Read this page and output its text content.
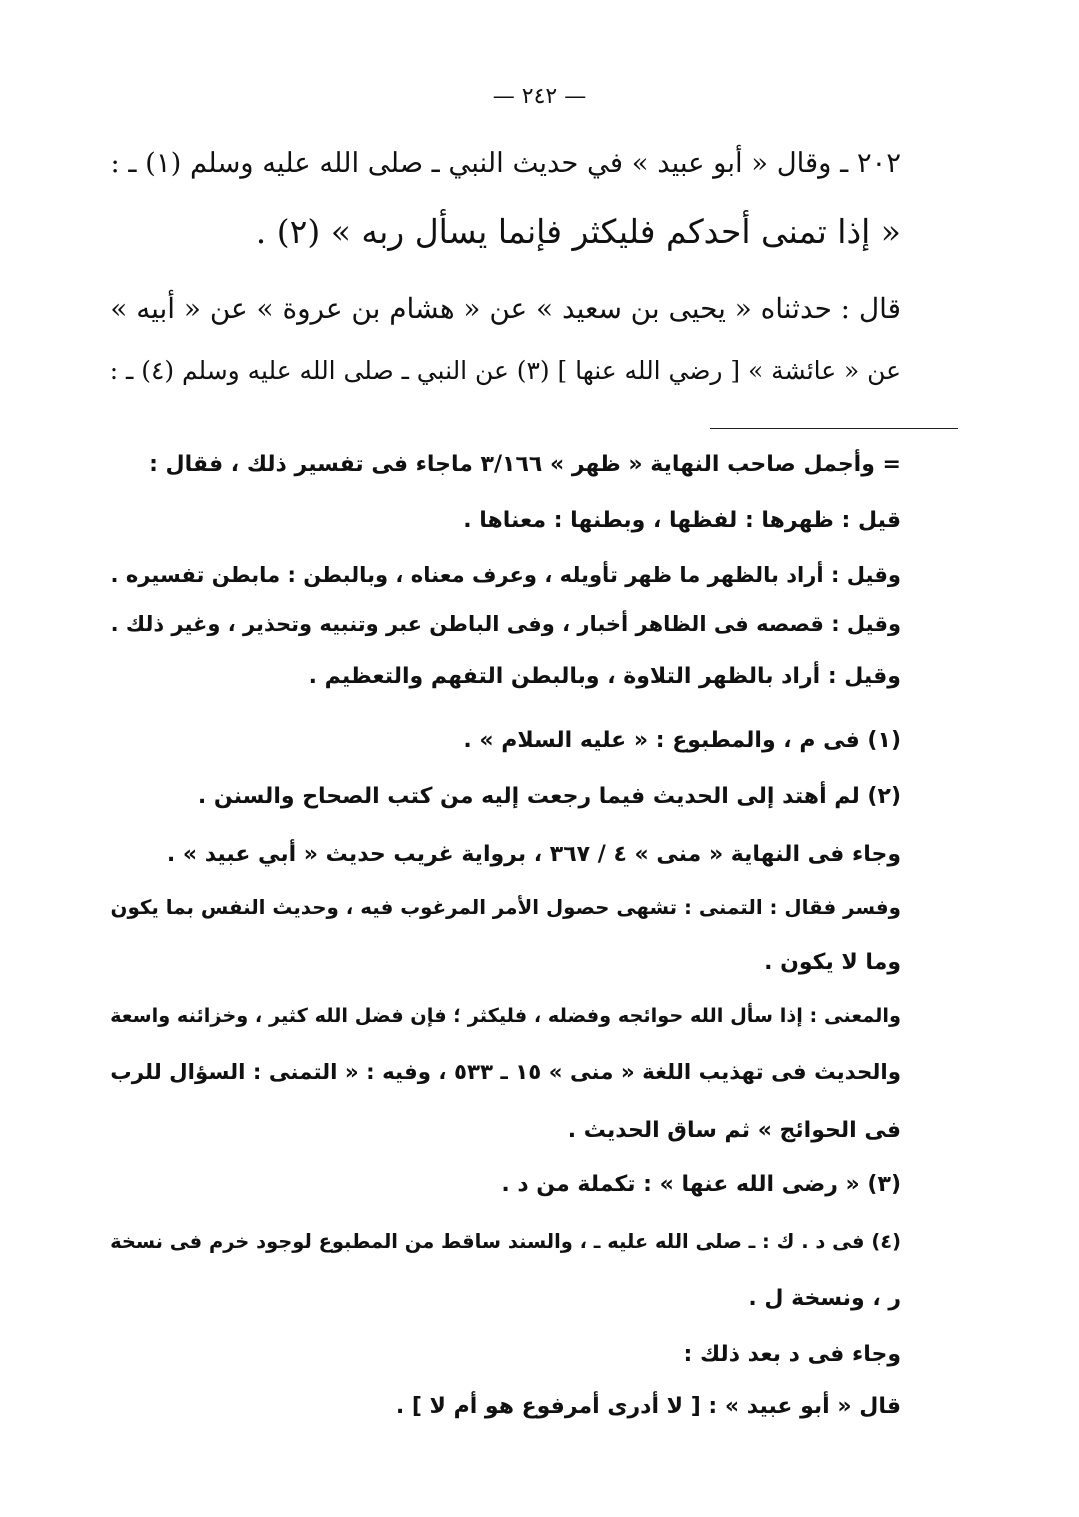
— ٢٤٢ —
٢٠٢ ـ وقال « أبو عبيد » في حديث النبي ـ صلى الله عليه وسلم (١) ـ :
« إذا تمنى أحدكم فليكثر فإنما يسأل ربه » (٢) .
قال : حدثناه « يحيى بن سعيد » عن « هشام بن عروة » عن « أبيه »
عن « عائشة » [ رضي الله عنها ] (٣) عن النبي ـ صلى الله عليه وسلم (٤) ـ :
= وأجمل صاحب النهاية « ظهر » ٣/١٦٦ ماجاء فى تفسير ذلك ، فقال :
قيل : ظهرها : لفظها ، وبطنها : معناها .
وقيل : أراد بالظهر ما ظهر تأويله ، وعرف معناه ، وبالبطن : مابطن تفسيره .
وقيل : قصصه فى الظاهر أخبار ، وفى الباطن عبر وتنبيه وتحذير ، وغير ذلك .
وقيل : أراد بالظهر التلاوة ، وبالبطن التفهم والتعظيم .
(١) فى م ، والمطبوع : « عليه السلام » .
(٢) لم أهتد إلى الحديث فيما رجعت إليه من كتب الصحاح والسنن .
وجاء فى النهاية « منى » ٤ / ٣٦٧ ، برواية غريب حديث « أبي عبيد » .
وفسر فقال : التمنى : تشهى حصول الأمر المرغوب فيه ، وحديث النفس بما يكون
وما لا يكون .
والمعنى : إذا سأل الله حوائجه وفضله ، فليكثر ؛ فإن فضل الله كثير ، وخزائنه واسعة
والحديث فى تهذيب اللغة « منى » ١٥ ـ ٥٣٣ ، وفيه : « التمنى : السؤال للرب
فى الحوائج » ثم ساق الحديث .
(٣) « رضى الله عنها » : تكملة من د .
(٤) فى د . ك : ـ صلى الله عليه ـ ، والسند ساقط من المطبوع لوجود خرم فى نسخة
ر ، ونسخة ل .
وجاء فى د بعد ذلك :
قال « أبو عبيد » : [ لا أدرى أمرفوع هو أم لا ] .
